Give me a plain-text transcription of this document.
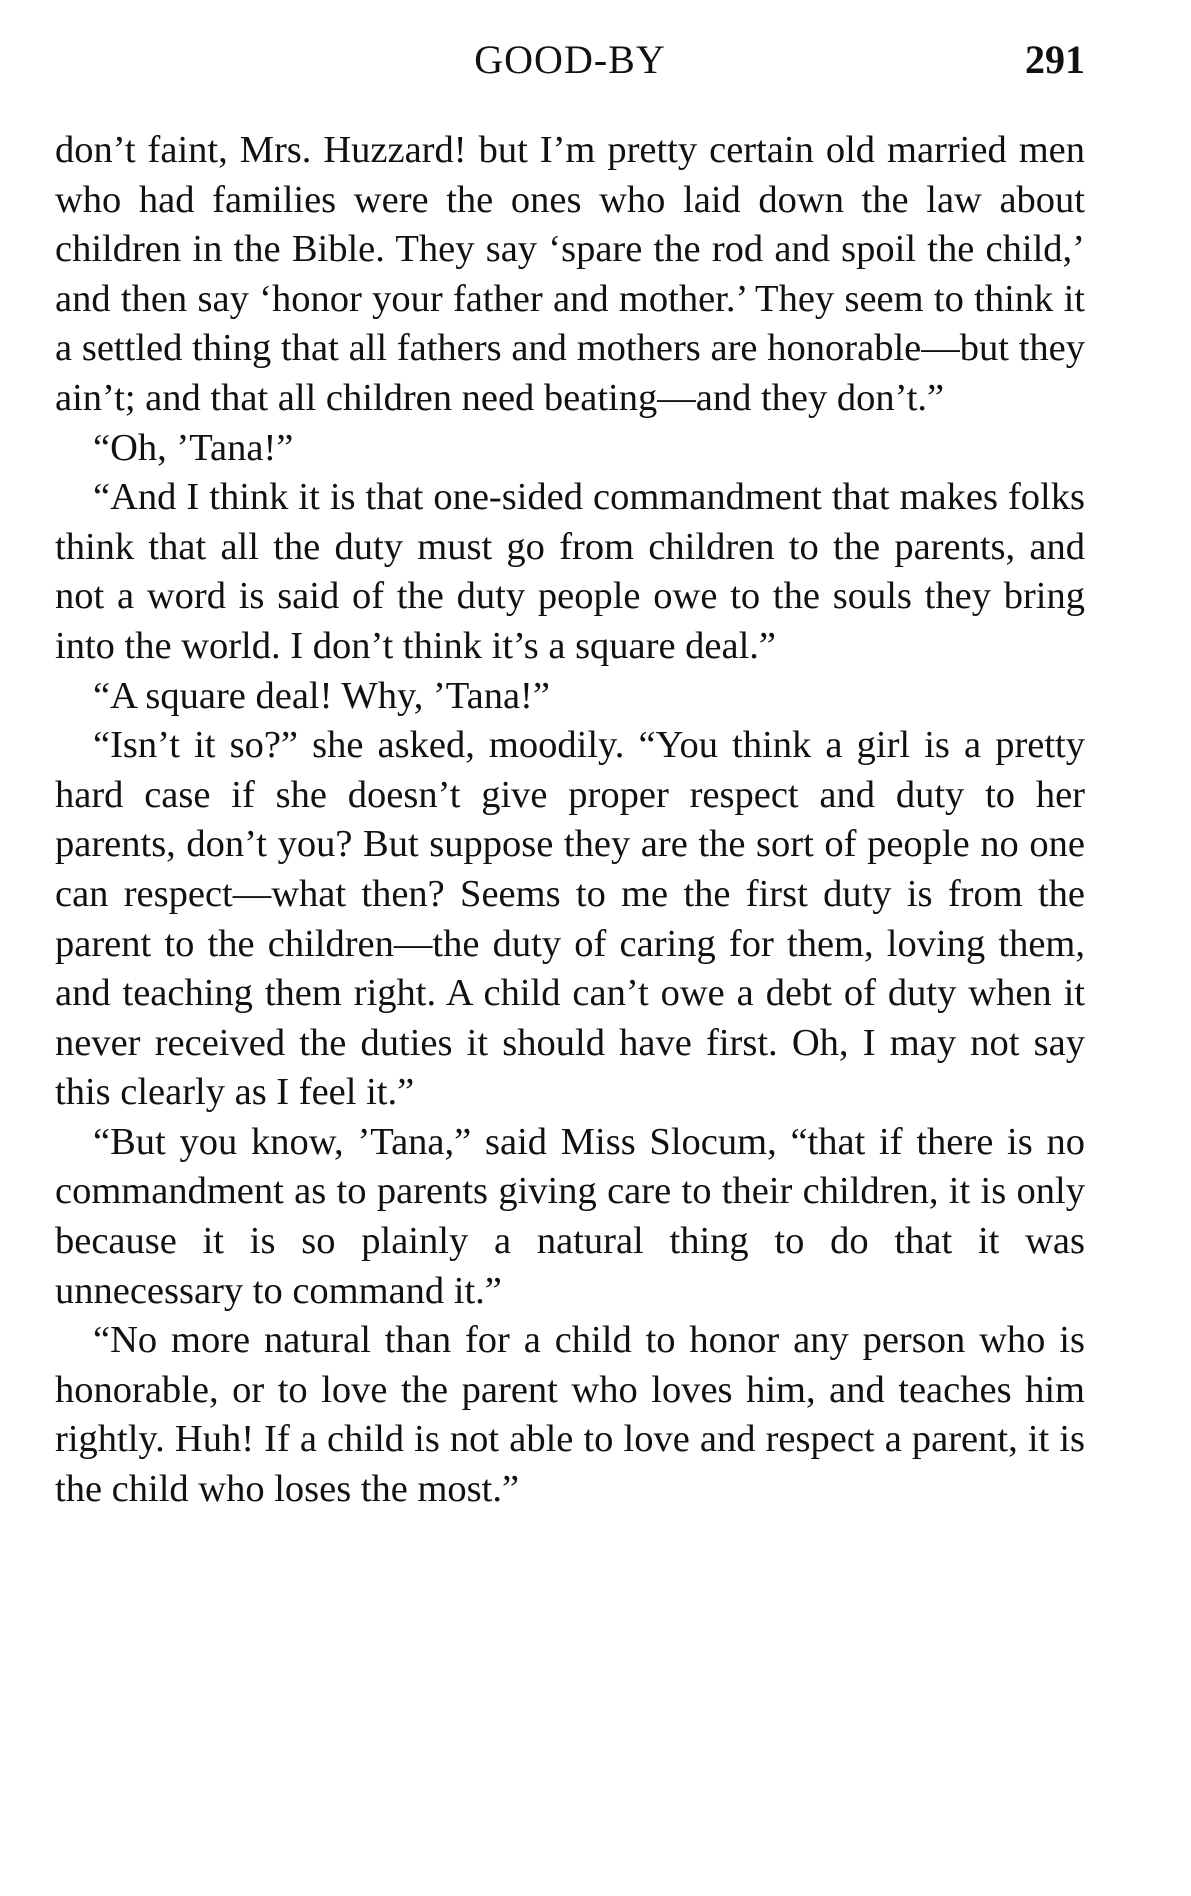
GOOD-BY	291

don’t faint, Mrs. Huzzard! but I’m pretty certain old married men who had families were the ones who laid down the law about children in the Bible. They say ‘spare the rod and spoil the child,’ and then say ‘honor your father and mother.’ They seem to think it a settled thing that all fathers and mothers are honorable—but they ain’t; and that all children need beating—and they don’t.”

“Oh, ’Tana!”

“And I think it is that one-sided commandment that makes folks think that all the duty must go from children to the parents, and not a word is said of the duty people owe to the souls they bring into the world. I don’t think it’s a square deal.”

“A square deal! Why, ’Tana!”

“Isn’t it so?” she asked, moodily. “You think a girl is a pretty hard case if she doesn’t give proper respect and duty to her parents, don’t you? But suppose they are the sort of people no one can respect—what then? Seems to me the first duty is from the parent to the children—the duty of caring for them, loving them, and teaching them right. A child can’t owe a debt of duty when it never received the duties it should have first. Oh, I may not say this clearly as I feel it.”

“But you know, ’Tana,” said Miss Slocum, “that if there is no commandment as to parents giving care to their children, it is only because it is so plainly a natural thing to do that it was unnecessary to command it.”

“No more natural than for a child to honor any person who is honorable, or to love the parent who loves him, and teaches him rightly. Huh! If a child is not able to love and respect a parent, it is the child who loses the most.”
